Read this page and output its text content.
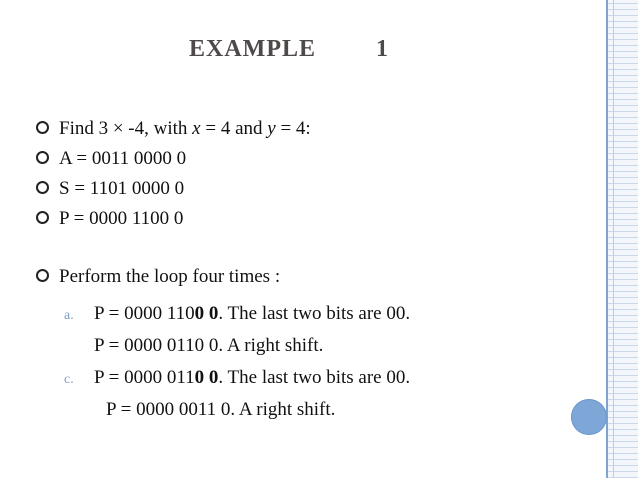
EXAMPLE	1
Find 3 × -4, with x = 4 and y = 4:
A = 0011 0000 0
S = 1101 0000 0
P = 0000 1100 0
Perform the loop four times :
a. P = 0000 1100 0. The last two bits are 00.
P = 0000 0110 0. A right shift.
c. P = 0000 0110 0. The last two bits are 00.
P = 0000 0011 0. A right shift.
